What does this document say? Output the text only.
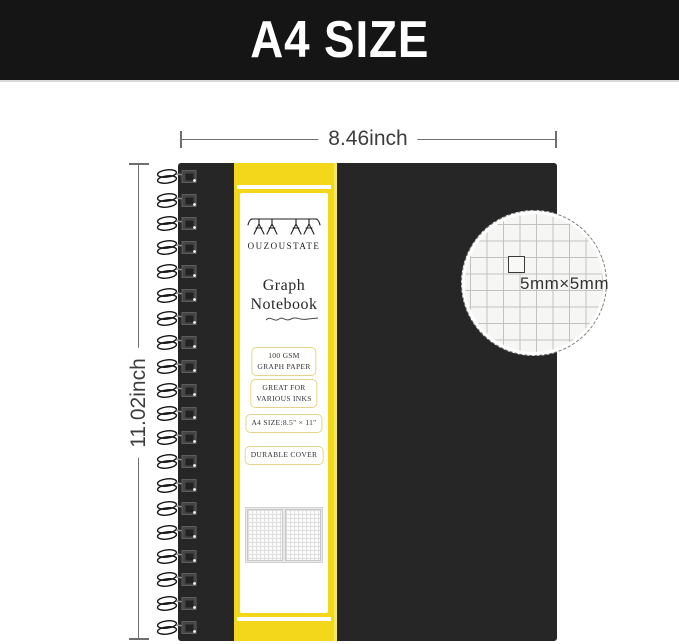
A4 SIZE
8.46inch
11.02inch
OUZOUSTATE
Graph
Notebook
100 GSM
GRAPH PAPER
GREAT FOR
VARIOUS INKS
A4 SIZE:8.5" × 11"
DURABLE COVER
5mm×5mm
